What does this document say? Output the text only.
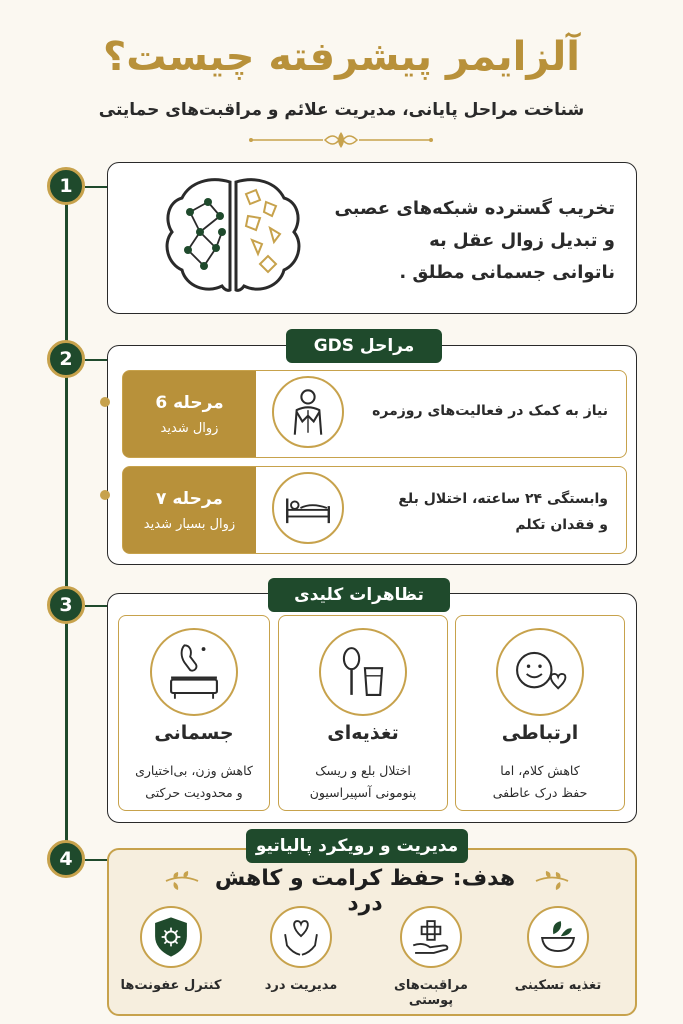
آلزایمر پیشرفته چیست؟
شناخت مراحل پایانی، مدیریت علائم و مراقبت‌های حمایتی
1
2
3
4
تخریب گسترده شبکه‌های عصبی
و تبدیل زوال عقل به
ناتوانی جسمانی مطلق .
مراحل GDS
مرحله 6
زوال شدید
نیاز به کمک در فعالیت‌های روزمره
مرحله ۷
زوال بسیار شدید
وابستگی ۲۴ ساعته، اختلال بلع
و فقدان تکلم
تظاهرات کلیدی
ارتباطی
کاهش کلام، اما
حفظ درک عاطفی
تغذیه‌ای
اختلال بلع و ریسک
پنومونی آسپیراسیون
جسمانی
کاهش وزن، بی‌اختیاری
و محدودیت حرکتی
مدیریت و رویکرد پالیاتیو
هدف: حفظ کرامت و کاهش درد
تغذیه تسکینی
مراقبت‌های پوستی
مدیریت درد
کنترل عفونت‌ها
